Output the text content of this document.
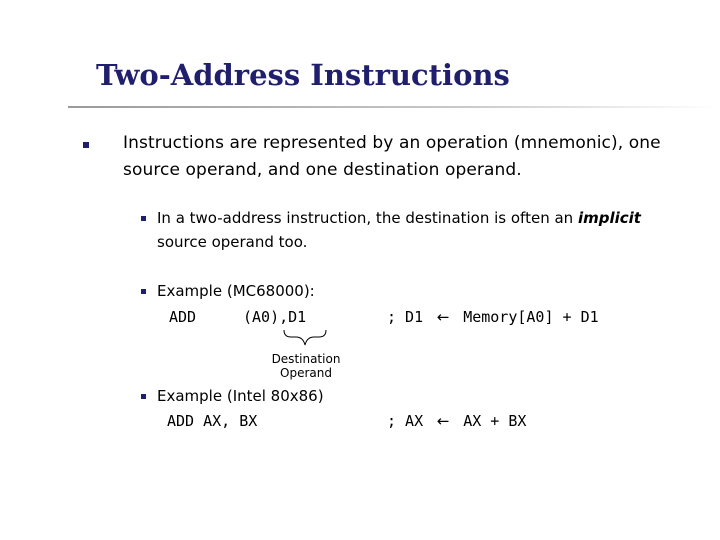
Two-Address Instructions
Instructions are represented by an operation (mnemonic), one
source operand, and one destination operand.
In a two-address instruction, the destination is often an implicit
source operand too.
Example (MC68000):
ADD	(A0),D1	; D1 ← Memory[A0] + D1
Destination
Operand
Example (Intel 80x86)
ADD AX, BX	; AX ← AX + BX
